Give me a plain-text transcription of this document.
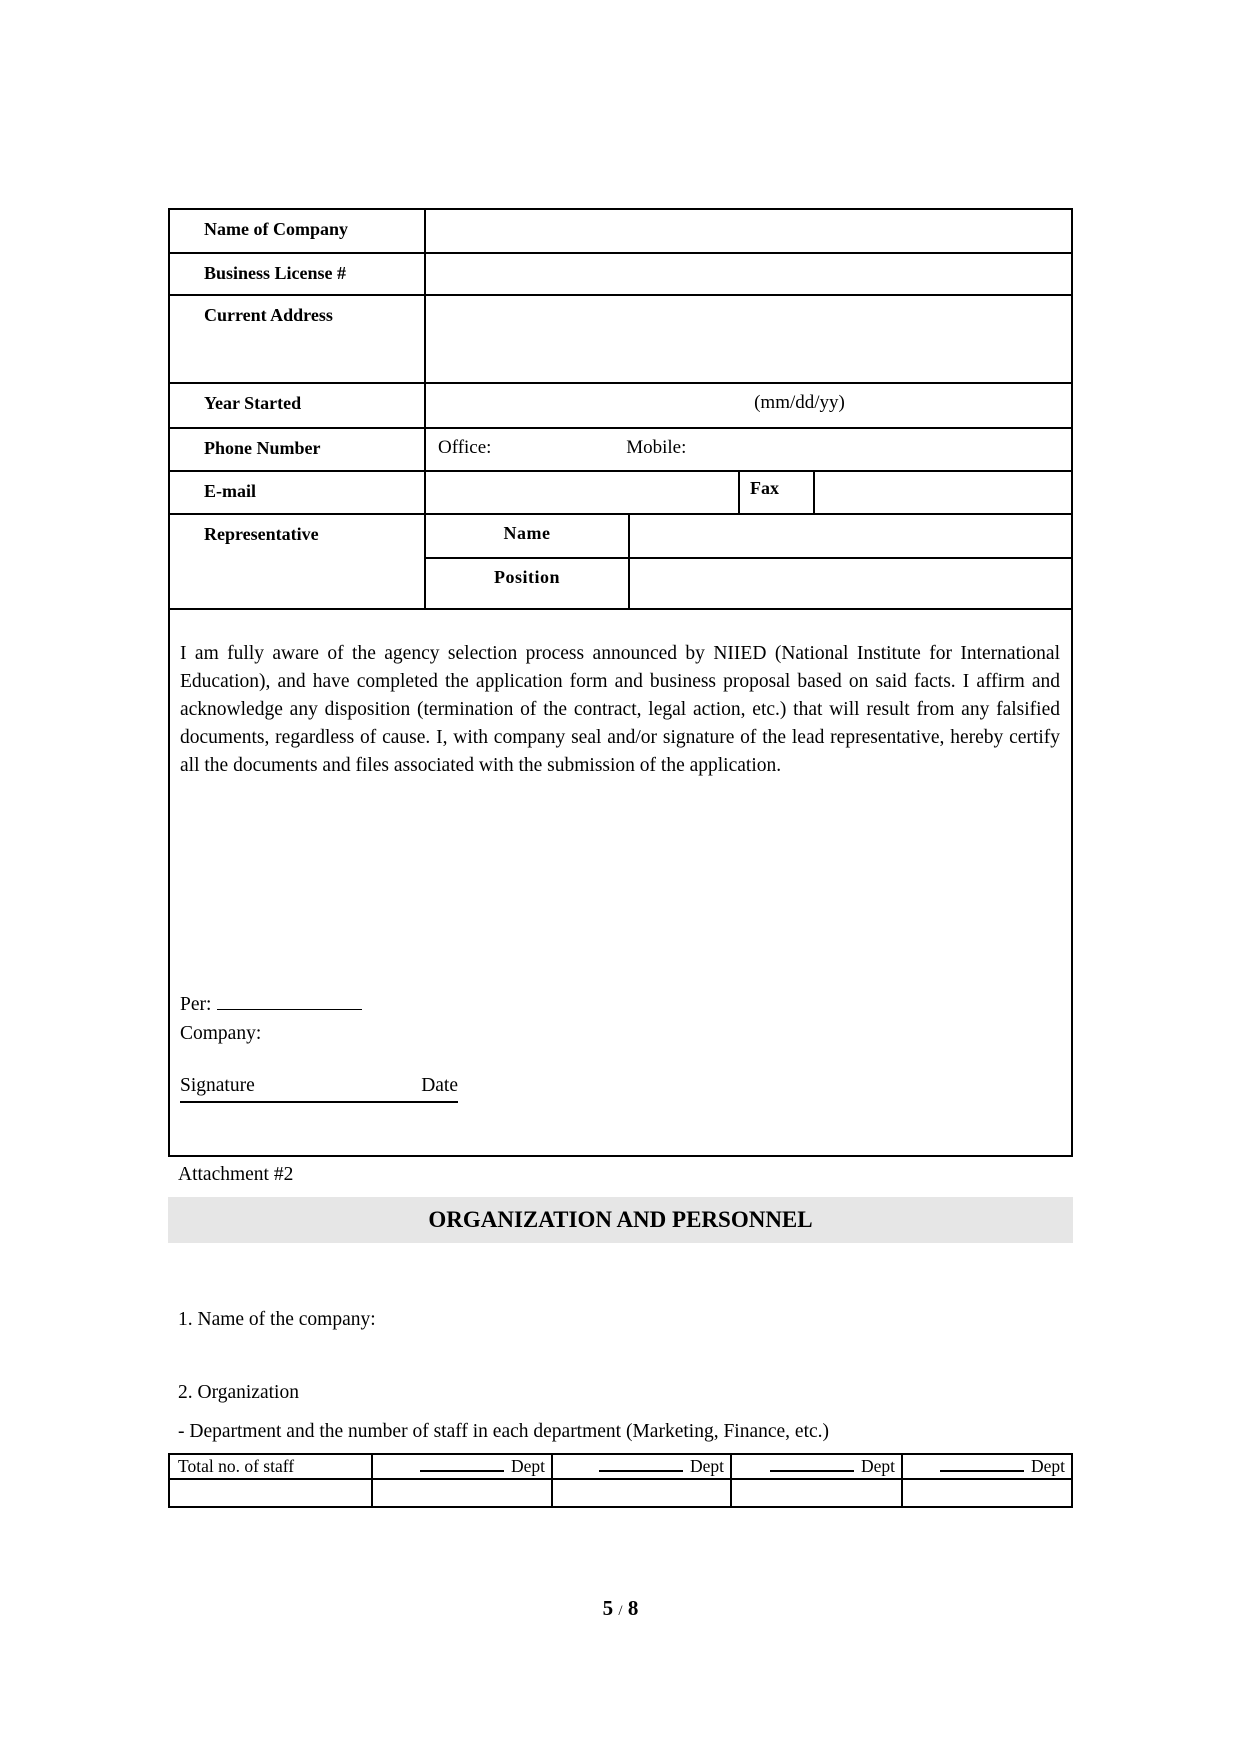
Name of Company
Business License #
Current Address
Year Started	(mm/dd/yy)
Phone Number	Office:	Mobile:
E-mail	Fax
Representative	Name
Position
I am fully aware of the agency selection process announced by NIIED (National Institute for International Education), and have completed the application form and business proposal based on said facts. I affirm and acknowledge any disposition (termination of the contract, legal action, etc.) that will result from any falsified documents, regardless of cause. I, with company seal and/or signature of the lead representative, hereby certify all the documents and files associated with the submission of the application.
Per:
Company:
Signature	Date
Attachment #2
ORGANIZATION AND PERSONNEL
1. Name of the company:
2. Organization
- Department and the number of staff in each department (Marketing, Finance, etc.)
Total no. of staff	Dept	Dept	Dept	Dept
5 / 8
